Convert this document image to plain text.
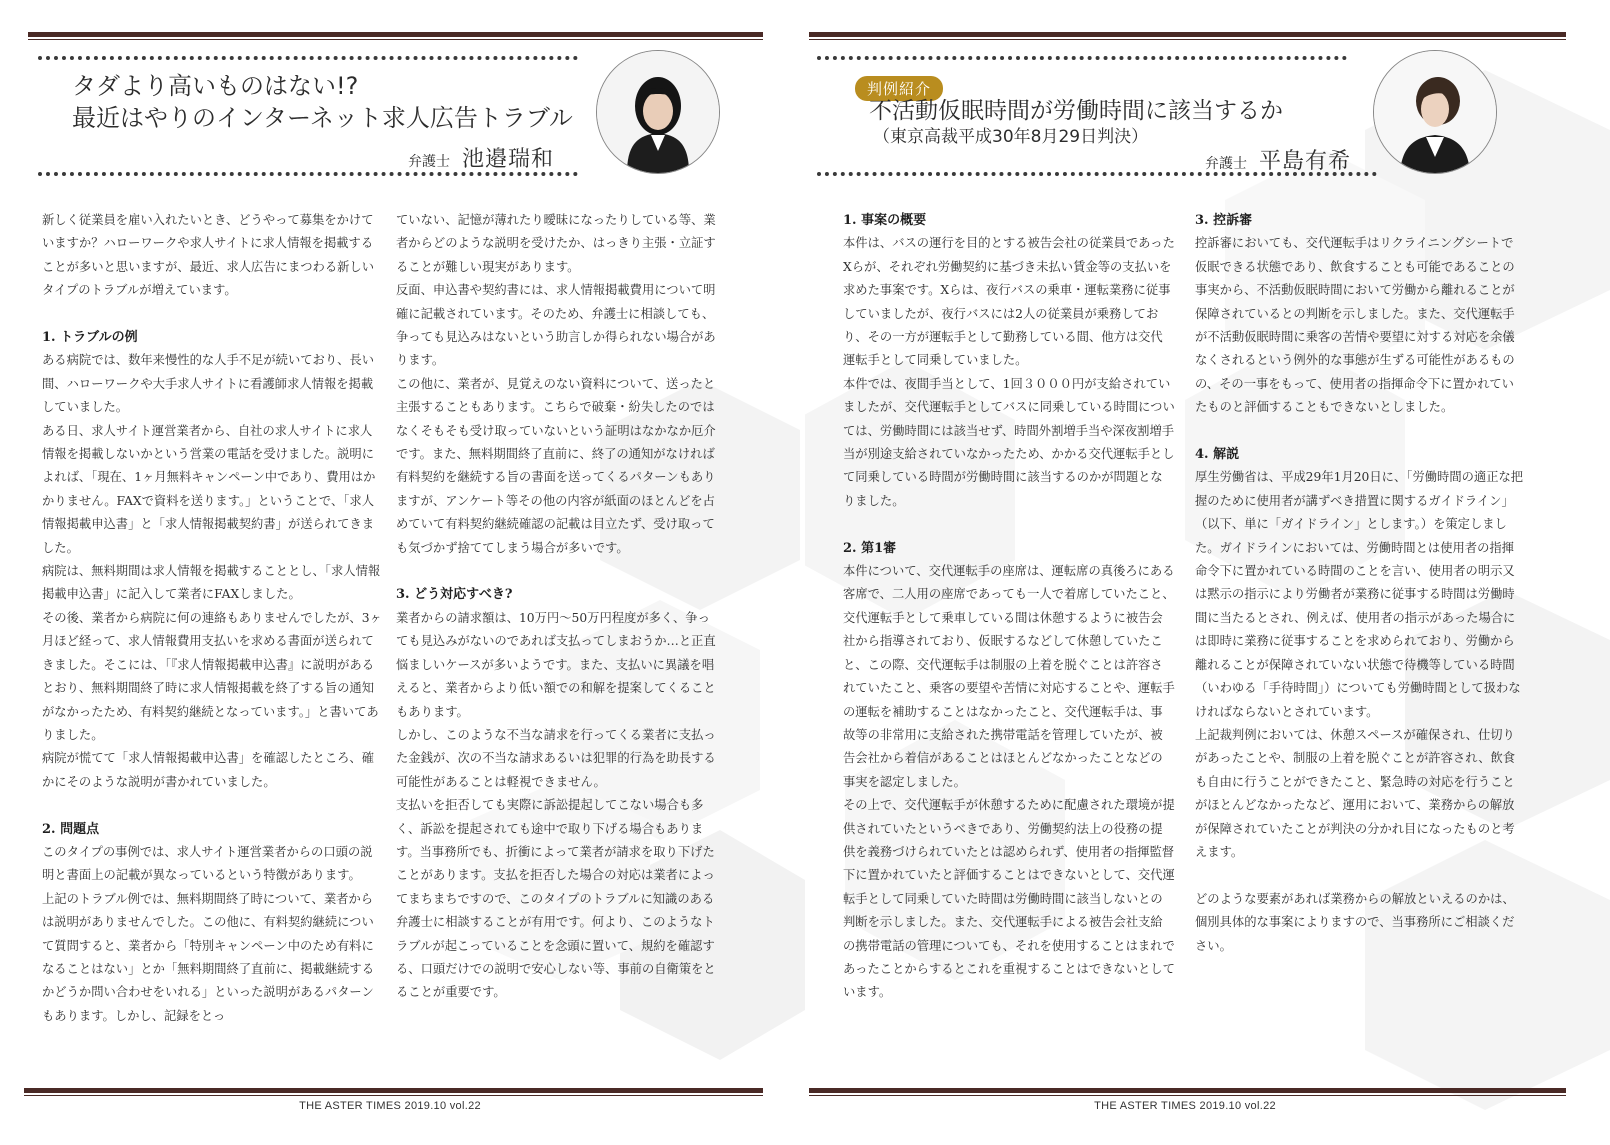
タダより高いものはない!?
最近はやりのインターネット求人広告トラブル
弁護士 池邉瑞和

新しく従業員を雇い入れたいとき、どうやって募集をかけていますか？ハローワークや求人サイトに求人情報を掲載することが多いと思いますが、最近、求人広告にまつわる新しいタイプのトラブルが増えています。

1. トラブルの例

ある病院では、数年来慢性的な人手不足が続いており、長い間、ハローワークや大手求人サイトに看護師求人情報を掲載していました。

ある日、求人サイト運営業者から、自社の求人サイトに求人情報を掲載しないかという営業の電話を受けました。説明によれば、「現在、1ヶ月無料キャンペーン中であり、費用はかかりません。FAXで資料を送ります。」ということで、「求人情報掲載申込書」と「求人情報掲載契約書」が送られてきました。

病院は、無料期間は求人情報を掲載することとし、「求人情報掲載申込書」に記入して業者にFAXしました。

その後、業者から病院に何の連絡もありませんでしたが、3ヶ月ほど経って、求人情報費用支払いを求める書面が送られてきました。そこには、「『求人情報掲載申込書』に説明があるとおり、無料期間終了時に求人情報掲載を終了する旨の通知がなかったため、有料契約継続となっています。」と書いてありました。

病院が慌てて「求人情報掲載申込書」を確認したところ、確かにそのような説明が書かれていました。

2. 問題点

このタイプの事例では、求人サイト運営業者からの口頭の説明と書面上の記載が異なっているという特徴があります。

上記のトラブル例では、無料期間終了時について、業者からは説明がありませんでした。この他に、有料契約継続について質問すると、業者から「特別キャンペーン中のため有料になることはない」とか「無料期間終了直前に、掲載継続するかどうか問い合わせをいれる」といった説明があるパターンもあります。しかし、記録をとっ

ていない、記憶が薄れたり曖昧になったりしている等、業者からどのような説明を受けたか、はっきり主張・立証することが難しい現実があります。

反面、申込書や契約書には、求人情報掲載費用について明確に記載されています。そのため、弁護士に相談しても、争っても見込みはないという助言しか得られない場合があります。

この他に、業者が、見覚えのない資料について、送ったと主張することもあります。こちらで破棄・紛失したのではなくそもそも受け取っていないという証明はなかなか厄介です。また、無料期間終了直前に、終了の通知がなければ有料契約を継続する旨の書面を送ってくるパターンもありますが、アンケート等その他の内容が紙面のほとんどを占めていて有料契約継続確認の記載は目立たず、受け取っても気づかず捨ててしまう場合が多いです。

3. どう対応すべき?

業者からの請求額は、10万円〜50万円程度が多く、争っても見込みがないのであれば支払ってしまおうか…と正直悩ましいケースが多いようです。また、支払いに異議を唱えると、業者からより低い額での和解を提案してくることもあります。

しかし、このような不当な請求を行ってくる業者に支払った金銭が、次の不当な請求あるいは犯罪的行為を助長する可能性があることは軽視できません。

支払いを拒否しても実際に訴訟提起してこない場合も多く、訴訟を提起されても途中で取り下げる場合もあります。当事務所でも、折衝によって業者が請求を取り下げたことがあります。支払を拒否した場合の対応は業者によってまちまちですので、このタイプのトラブルに知識のある弁護士に相談することが有用です。何より、このようなトラブルが起こっていることを念頭に置いて、規約を確認する、口頭だけでの説明で安心しない等、事前の自衛策をとることが重要です。

THE ASTER TIMES 2019.10 vol.22
判例紹介
不活動仮眠時間が労働時間に該当するか
（東京高裁平成30年8月29日判決）
弁護士 平島有希
1. 事案の概要

本件は、バスの運行を目的とする被告会社の従業員であったXらが、それぞれ労働契約に基づき未払い賃金等の支払いを求めた事案です。Xらは、夜行バスの乗車・運転業務に従事していましたが、夜行バスには2人の従業員が乗務しており、その一方が運転手として勤務している間、他方は交代運転手として同乗していました。

本件では、夜間手当として、1回３０００円が支給されていましたが、交代運転手としてバスに同乗している時間については、労働時間には該当せず、時間外割増手当や深夜割増手当が別途支給されていなかったため、かかる交代運転手として同乗している時間が労働時間に該当するのかが問題となりました。

2. 第1審

本件について、交代運転手の座席は、運転席の真後ろにある客席で、二人用の座席であっても一人で着席していたこと、交代運転手として乗車している間は休憩するように被告会社から指導されており、仮眠するなどして休憩していたこと、この際、交代運転手は制服の上着を脱ぐことは許容されていたこと、乗客の要望や苦情に対応することや、運転手の運転を補助することはなかったこと、交代運転手は、事故等の非常用に支給された携帯電話を管理していたが、被告会社から着信があることはほとんどなかったことなどの事実を認定しました。

その上で、交代運転手が休憩するために配慮された環境が提供されていたというべきであり、労働契約法上の役務の提供を義務づけられていたとは認められず、使用者の指揮監督下に置かれていたと評価することはできないとして、交代運転手として同乗していた時間は労働時間に該当しないとの判断を示しました。また、交代運転手による被告会社支給の携帯電話の管理についても、それを使用することはまれであったことからするとこれを重視することはできないとしています。

3. 控訴審

控訴審においても、交代運転手はリクライニングシートで仮眠できる状態であり、飲食することも可能であることの事実から、不活動仮眠時間において労働から離れることが保障されているとの判断を示しました。また、交代運転手が不活動仮眠時間に乗客の苦情や要望に対する対応を余儀なくされるという例外的な事態が生ずる可能性があるものの、その一事をもって、使用者の指揮命令下に置かれていたものと評価することもできないとしました。

4. 解説

厚生労働省は、平成29年1月20日に、「労働時間の適正な把握のために使用者が講ずべき措置に関するガイドライン」（以下、単に「ガイドライン」とします。）を策定しました。ガイドラインにおいては、労働時間とは使用者の指揮命令下に置かれている時間のことを言い、使用者の明示又は黙示の指示により労働者が業務に従事する時間は労働時間に当たるとされ、例えば、使用者の指示があった場合には即時に業務に従事することを求められており、労働から離れることが保障されていない状態で待機等している時間（いわゆる「手待時間」）についても労働時間として扱わなければならないとされています。

上記裁判例においては、休憩スペースが確保され、仕切りがあったことや、制服の上着を脱ぐことが許容され、飲食も自由に行うことができたこと、緊急時の対応を行うことがほとんどなかったなど、運用において、業務からの解放が保障されていたことが判決の分かれ目になったものと考えます。

どのような要素があれば業務からの解放といえるのかは、個別具体的な事案によりますので、当事務所にご相談ください。

THE ASTER TIMES 2019.10 vol.22
